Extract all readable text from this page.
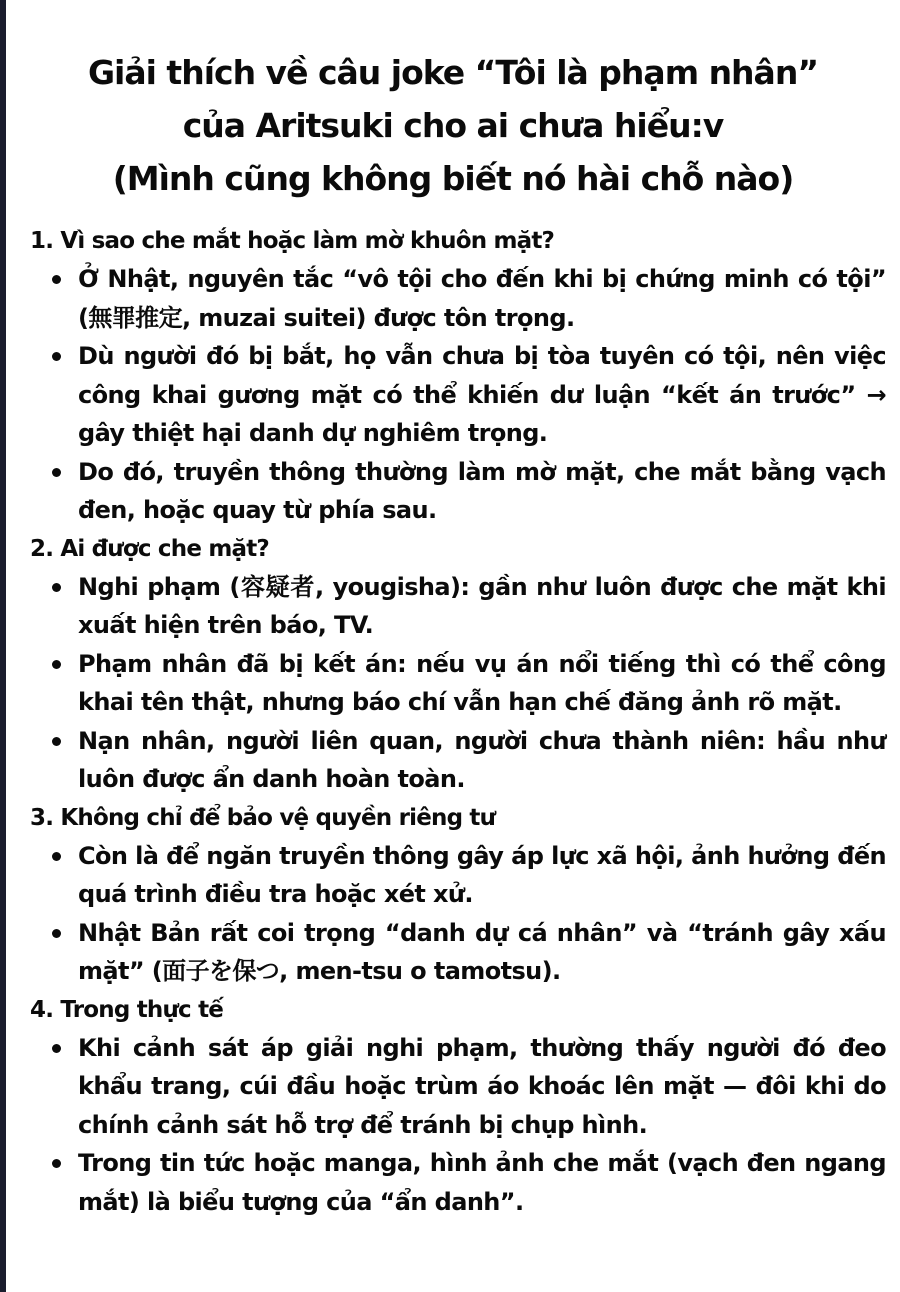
Giải thích về câu joke “Tôi là phạm nhân”
của Aritsuki cho ai chưa hiểu:v
(Mình cũng không biết nó hài chỗ nào)
1. Vì sao che mắt hoặc làm mờ khuôn mặt?
Ở Nhật, nguyên tắc “vô tội cho đến khi bị chứng minh có tội” (無罪推定, muzai suitei) được tôn trọng.
Dù người đó bị bắt, họ vẫn chưa bị tòa tuyên có tội, nên việc công khai gương mặt có thể khiến dư luận “kết án trước” → gây thiệt hại danh dự nghiêm trọng.
Do đó, truyền thông thường làm mờ mặt, che mắt bằng vạch đen, hoặc quay từ phía sau.
2. Ai được che mặt?
Nghi phạm (容疑者, yougisha): gần như luôn được che mặt khi xuất hiện trên báo, TV.
Phạm nhân đã bị kết án: nếu vụ án nổi tiếng thì có thể công khai tên thật, nhưng báo chí vẫn hạn chế đăng ảnh rõ mặt.
Nạn nhân, người liên quan, người chưa thành niên: hầu như luôn được ẩn danh hoàn toàn.
3. Không chỉ để bảo vệ quyền riêng tư
Còn là để ngăn truyền thông gây áp lực xã hội, ảnh hưởng đến quá trình điều tra hoặc xét xử.
Nhật Bản rất coi trọng “danh dự cá nhân” và “tránh gây xấu mặt” (面子を保つ, men-tsu o tamotsu).
4. Trong thực tế
Khi cảnh sát áp giải nghi phạm, thường thấy người đó đeo khẩu trang, cúi đầu hoặc trùm áo khoác lên mặt — đôi khi do chính cảnh sát hỗ trợ để tránh bị chụp hình.
Trong tin tức hoặc manga, hình ảnh che mắt (vạch đen ngang mắt) là biểu tượng của “ẩn danh”.
